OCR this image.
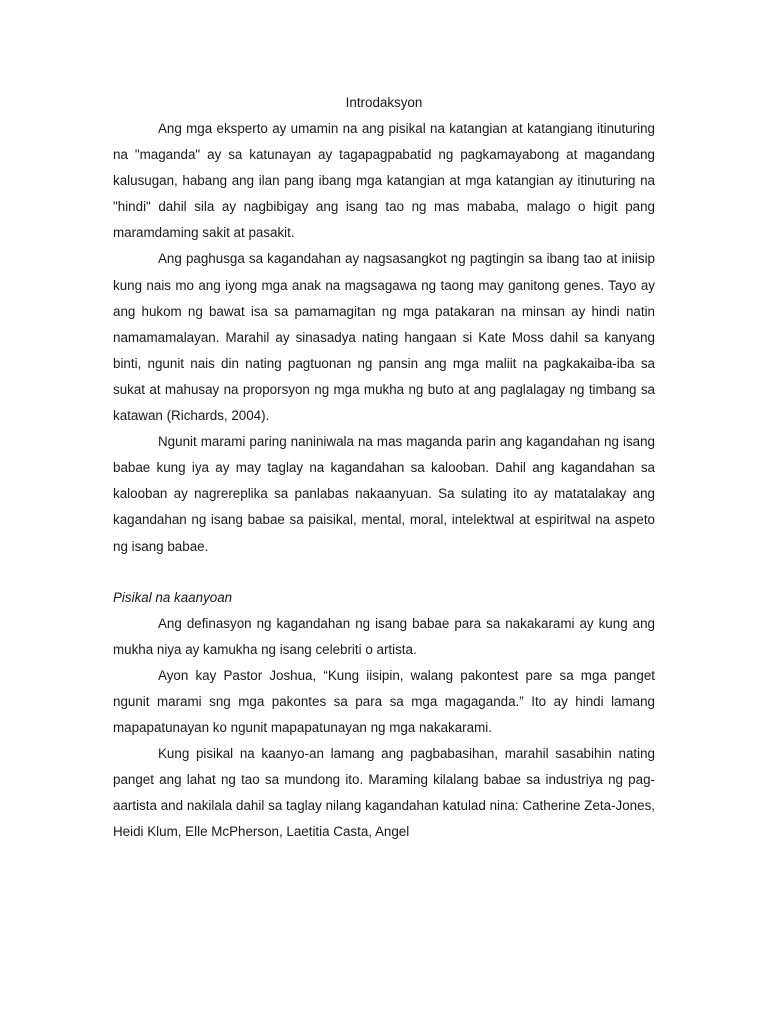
Introdaksyon

Ang mga eksperto ay umamin na ang pisikal na katangian at katangiang itinuturing na "maganda" ay sa katunayan ay tagapagpabatid ng pagkamayabong at magandang kalusugan, habang ang ilan pang ibang mga katangian at mga katangian ay itinuturing na "hindi" dahil sila ay nagbibigay ang isang tao ng mas mababa, malago o higit pang maramdaming sakit at pasakit.

Ang paghusga sa kagandahan ay nagsasangkot ng pagtingin sa ibang tao at iniisip kung nais mo ang iyong mga anak na magsagawa ng taong may ganitong genes. Tayo ay ang hukom ng bawat isa sa pamamagitan ng mga patakaran na minsan ay hindi natin namamamalayan. Marahil ay sinasadya nating hangaan si Kate Moss dahil sa kanyang binti, ngunit nais din nating pagtuonan ng pansin ang mga maliit na pagkakaiba-iba sa sukat at mahusay na proporsyon ng mga mukha ng buto at ang paglalagay ng timbang sa katawan (Richards, 2004).

Ngunit marami paring naniniwala na mas maganda parin ang kagandahan ng isang babae kung iya ay may taglay na kagandahan sa kalooban. Dahil ang kagandahan sa kalooban ay nagrereplika sa panlabas nakaanyuan. Sa sulating ito ay matatalakay ang kagandahan ng isang babae sa paisikal, mental, moral, intelektwal at espiritwal na aspeto ng isang babae.

Pisikal na kaanyoan

Ang definasyon ng kagandahan ng isang babae para sa nakakarami ay kung ang mukha niya ay kamukha ng isang celebriti o artista.

Ayon kay Pastor Joshua, “Kung iisipin, walang pakontest pare sa mga panget ngunit marami sng mga pakontes sa para sa mga magaganda.” Ito ay hindi lamang mapapatunayan ko ngunit mapapatunayan ng mga nakakarami.

Kung pisikal na kaanyo-an lamang ang pagbabasihan, marahil sasabihin nating panget ang lahat ng tao sa mundong ito. Maraming kilalang babae sa industriya ng pag-aartista and nakilala dahil sa taglay nilang kagandahan katulad nina: Catherine Zeta-Jones, Heidi Klum, Elle McPherson, Laetitia Casta, Angel
